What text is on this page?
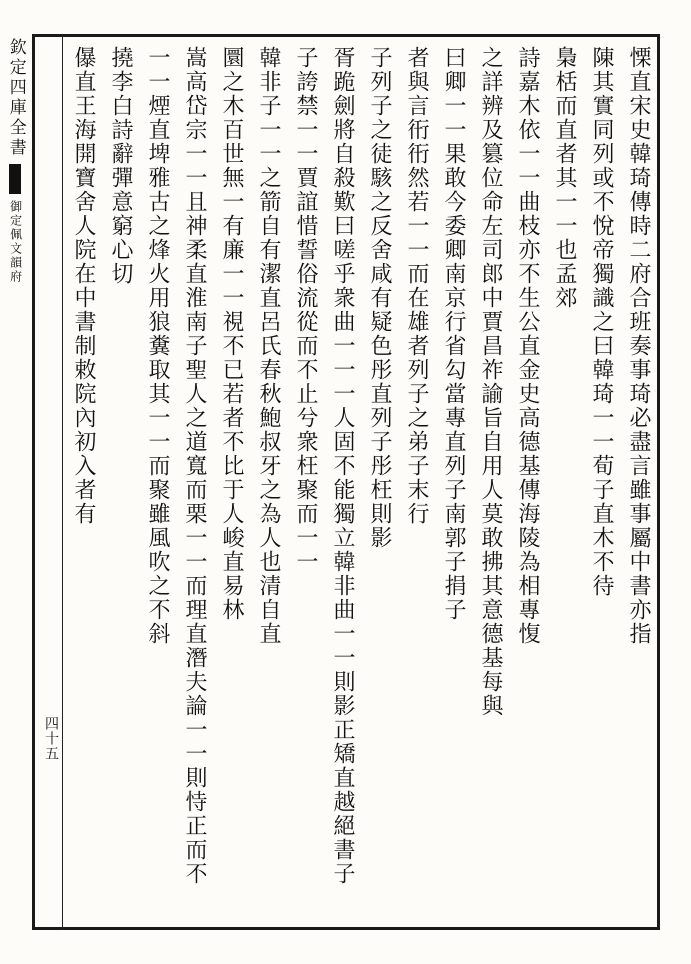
欽定四庫全書
御定佩文韻府
四十五
慄直宋史韓琦傳時二府合班奏事琦必盡言雖事屬中書亦指
陳其實同列或不悅帝獨識之曰韓琦一一荀子直木不待
梟栝而直者其一一也孟郊
詩嘉木依一一曲枝亦不生公直金史高德基傳海陵為相專愎
之詳辨及篡位命左司郎中賈昌祚諭旨自用人莫敢拂其意德基每與
曰卿一一果敢今委卿南京行省勾當專直列子南郭子捐子
者與言衎衎然若一一而在雄者列子之弟子末行
子列子之徒駭之反舍咸有疑色彤直列子彤枉則影
胥跪劍將自殺歎曰嗟乎衆曲一一一人固不能獨立韓非曲一一則影正矯直越絕書子
子誇禁一一賈誼惜誓俗流從而不止兮衆枉聚而一一
韓非子一一之箭自有潔直呂氏春秋鮑叔牙之為人也清自直
圜之木百世無一有廉一一視不已若者不比于人峻直易林
嵩高岱宗一一且神柔直淮南子聖人之道寬而栗一一而理直潛夫論一一則恃正而不
一一煙直埤雅古之烽火用狼糞取其一一而聚雖風吹之不斜
撓李白詩辭彈意窮心切
儤直王海開寶舍人院在中書制敕院內初入者有
